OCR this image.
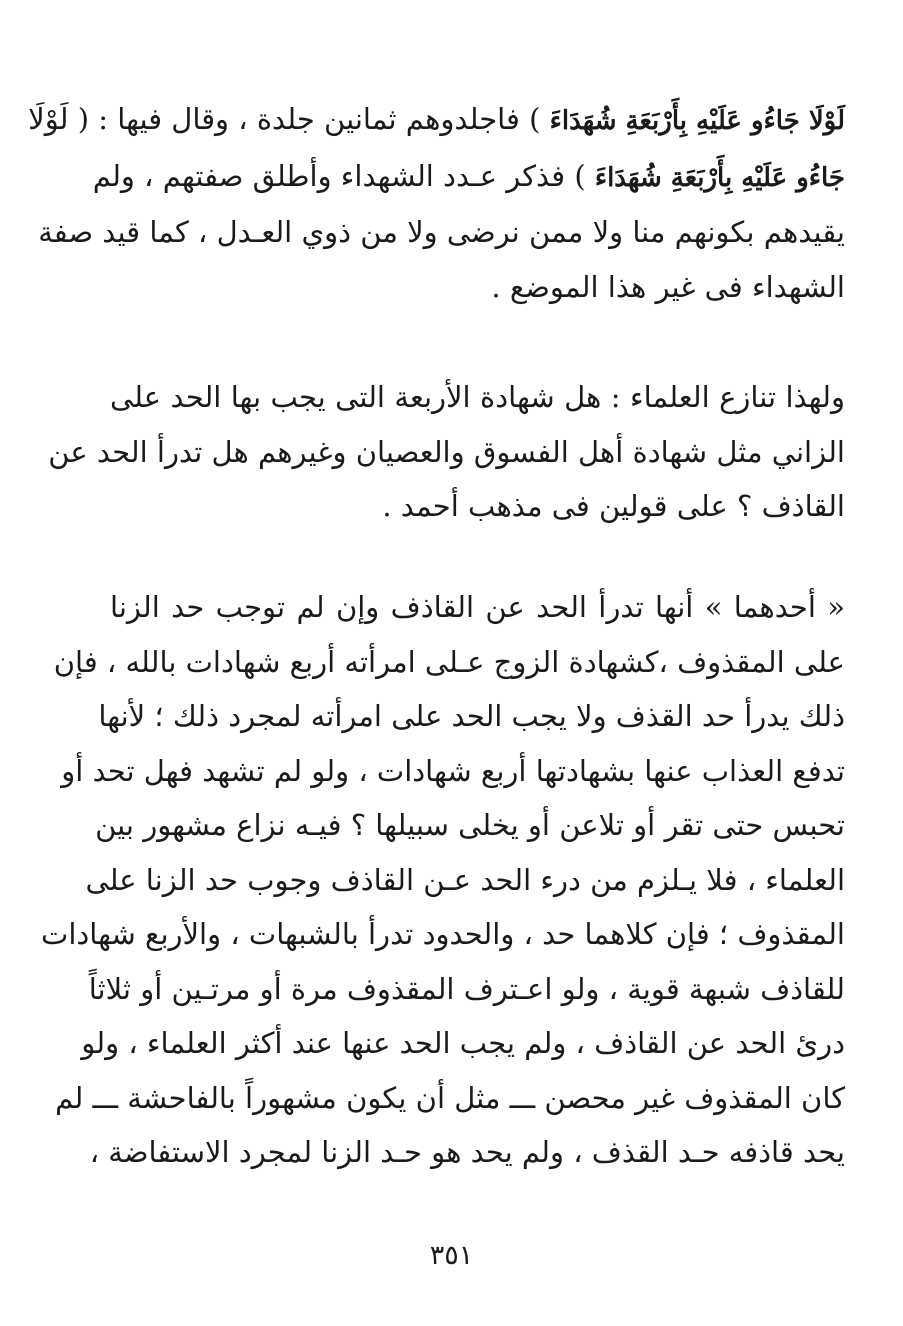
لَوْلَا جَاءُو عَلَيْهِ بِأَرْبَعَةِ شُهَدَاءَ ) فاجلدوهم ثمانين جلدة ، وقال فيها : ( لَوْلَا
جَاءُو عَلَيْهِ بِأَرْبَعَةِ شُهَدَاءَ ) فذكر عـدد الشهداء وأطلق صفتهم ، ولم
يقيدهم بكونهم منا ولا ممن نرضى ولا من ذوي العـدل ، كما قيد صفة
الشهداء فى غير هذا الموضع .
ولهذا تنازع العلماء : هل شهادة الأربعة التى يجب بها الحد على
الزاني مثل شهادة أهل الفسوق والعصيان وغيرهم هل تدرأ الحد عن
القاذف ؟ على قولين فى مذهب أحمد .
« أحدهما » أنها تدرأ الحد عن القاذف وإن لم توجب حد الزنا
على المقذوف ،كشهادة الزوج عـلى امرأته أربع شهادات بالله ، فإن
ذلك يدرأ حد القذف ولا يجب الحد على امرأته لمجرد ذلك ؛ لأنها
تدفع العذاب عنها بشهادتها أربع شهادات ، ولو لم تشهد فهل تحد أو
تحبس حتى تقر أو تلاعن أو يخلى سبيلها ؟ فيـه نزاع مشهور بين
العلماء ، فلا يـلزم من درء الحد عـن القاذف وجوب حد الزنا على
المقذوف ؛ فإن كلاهما حد ، والحدود تدرأ بالشبهات ، والأربع شهادات
للقاذف شبهة قوية ، ولو اعـترف المقذوف مرة أو مرتـين أو ثلاثاً
درئ الحد عن القاذف ، ولم يجب الحد عنها عند أكثر العلماء ، ولو
كان المقذوف غير محصن ـــ مثل أن يكون مشهوراً بالفاحشة ـــ لم
يحد قاذفه حـد القذف ، ولم يحد هو حـد الزنا لمجرد الاستفاضة ،
٣٥١
